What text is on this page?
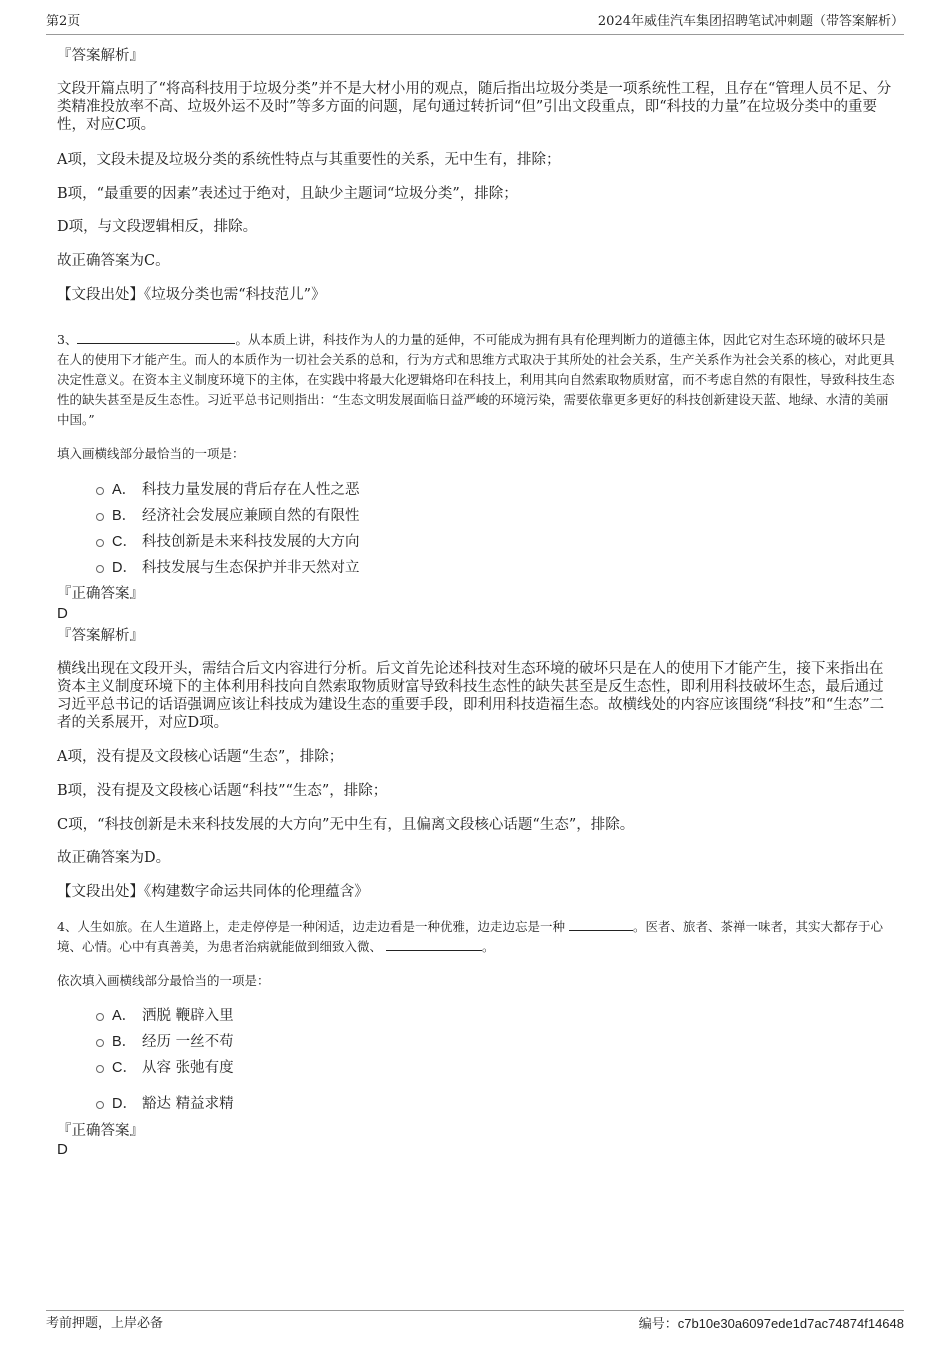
第2页	2024年威佳汽车集团招聘笔试冲刺题（带答案解析）
『答案解析』

文段开篇点明了“将高科技用于垃圾分类”并不是大材小用的观点，随后指出垃圾分类是一项系统性工程，且存在“管理人员不足、分类精准投放率不高、垃圾外运不及时”等多方面的问题，尾句通过转折词“但”引出文段重点，即“科技的力量”在垃圾分类中的重要性，对应C项。

A项，文段未提及垃圾分类的系统性特点与其重要性的关系，无中生有，排除；
B项，“最重要的因素”表述过于绝对，且缺少主题词“垃圾分类”，排除；
D项，与文段逻辑相反，排除。
故正确答案为C。
【文段出处】《垃圾分类也需“科技范儿”》

3、	。从本质上讲，科技作为人的力量的延伸，不可能成为拥有具有伦理判断力的道德主体，因此它对生态环境的破坏只是在人的使用下才能产生。而人的本质作为一切社会关系的总和，行为方式和思维方式取决于其所处的社会关系，生产关系作为社会关系的核心，对此更具决定性意义。在资本主义制度环境下的主体，在实践中将最大化逻辑烙印在科技上，利用其向自然索取物质财富，而不考虑自然的有限性，导致科技生态性的缺失甚至是反生态性。习近平总书记则指出：“生态文明发展面临日益严峻的环境污染，需要依靠更多更好的科技创新建设天蓝、地绿、水清的美丽中国。”

填入画横线部分最恰当的一项是：
A． 科技力量发展的背后存在人性之恶
B． 经济社会发展应兼顾自然的有限性
C． 科技创新是未来科技发展的大方向
D． 科技发展与生态保护并非天然对立
『正确答案』
D
『答案解析』

横线出现在文段开头，需结合后文内容进行分析。后文首先论述科技对生态环境的破坏只是在人的使用下才能产生，接下来指出在资本主义制度环境下的主体利用科技向自然索取物质财富导致科技生态性的缺失甚至是反生态性，即利用科技破坏生态，最后通过习近平总书记的话语强调应该让科技成为建设生态的重要手段，即利用科技造福生态。故横线处的内容应该围绕“科技”和“生态”二者的关系展开，对应D项。

A项，没有提及文段核心话题“生态”，排除；
B项，没有提及文段核心话题“科技”“生态”，排除；
C项，“科技创新是未来科技发展的大方向”无中生有，且偏离文段核心话题“生态”，排除。
故正确答案为D。
【文段出处】《构建数字命运共同体的伦理蕴含》

4、人生如旅。在人生道路上，走走停停是一种闲适，边走边看是一种优雅，边走边忘是一种	。医者、旅者、茶禅一味者，其实大都存于心境、心情。心中有真善美，为患者治病就能做到细致入微、	。

依次填入画横线部分最恰当的一项是：
A． 洒脱 鞭辟入里
B． 经历 一丝不苟
C． 从容 张弛有度
D． 豁达 精益求精
『正确答案』
D
考前押题，上岸必备	编号：c7b10e30a6097ede1d7ac74874f14648
